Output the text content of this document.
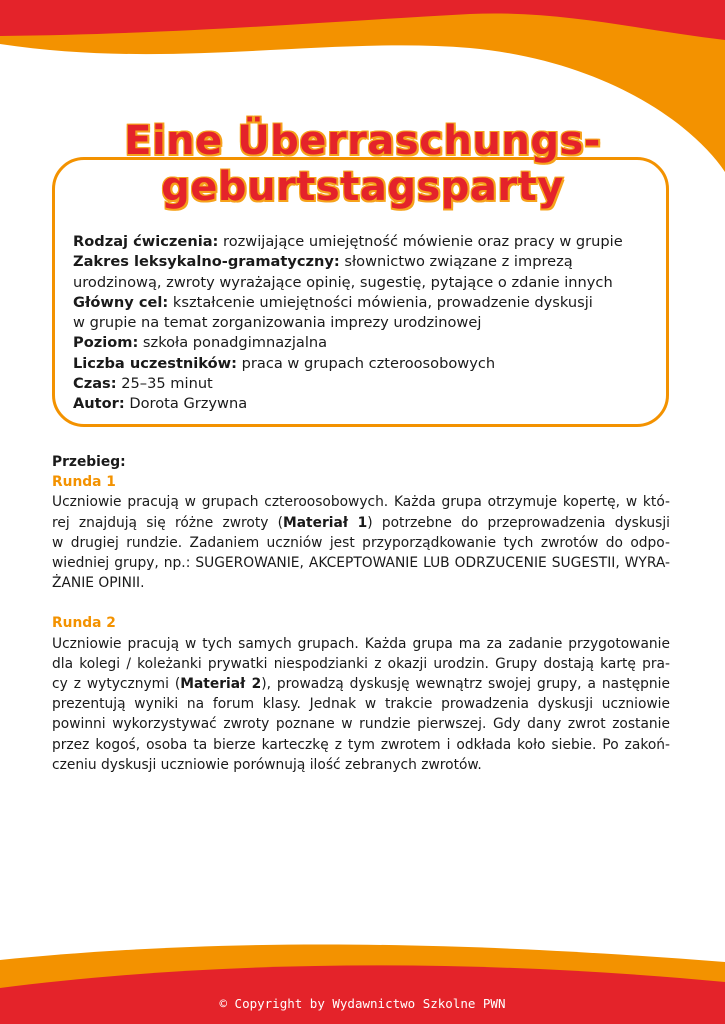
Eine Überraschungs-
geburtstagsparty
Rodzaj ćwiczenia: rozwijające umiejętność mówienie oraz pracy w grupie
Zakres leksykalno-gramatyczny: słownictwo związane z imprezą
urodzinową, zwroty wyrażające opinię, sugestię, pytające o zdanie innych
Główny cel: kształcenie umiejętności mówienia, prowadzenie dyskusji
w grupie na temat zorganizowania imprezy urodzinowej
Poziom: szkoła ponadgimnazjalna
Liczba uczestników: praca w grupach czteroosobowych
Czas: 25–35 minut
Autor: Dorota Grzywna
Przebieg:
Runda 1
Uczniowie pracują w grupach czteroosobowych. Każda grupa otrzymuje kopertę, w któ-
rej znajdują się różne zwroty (Materiał 1) potrzebne do przeprowadzenia dyskusji
w drugiej rundzie. Zadaniem uczniów jest przyporządkowanie tych zwrotów do odpo-
wiedniej grupy, np.: SUGEROWANIE, AKCEPTOWANIE LUB ODRZUCENIE SUGESTII, WYRA-
ŻANIE OPINII.
Runda 2
Uczniowie pracują w tych samych grupach. Każda grupa ma za zadanie przygotowanie
dla kolegi / koleżanki prywatki niespodzianki z okazji urodzin. Grupy dostają kartę pra-
cy z wytycznymi (Materiał 2), prowadzą dyskusję wewnątrz swojej grupy, a następnie
prezentują wyniki na forum klasy. Jednak w trakcie prowadzenia dyskusji uczniowie
powinni wykorzystywać zwroty poznane w rundzie pierwszej. Gdy dany zwrot zostanie
przez kogoś, osoba ta bierze karteczkę z tym zwrotem i odkłada koło siebie. Po zakoń-
czeniu dyskusji uczniowie porównują ilość zebranych zwrotów.
© Copyright by Wydawnictwo Szkolne PWN
